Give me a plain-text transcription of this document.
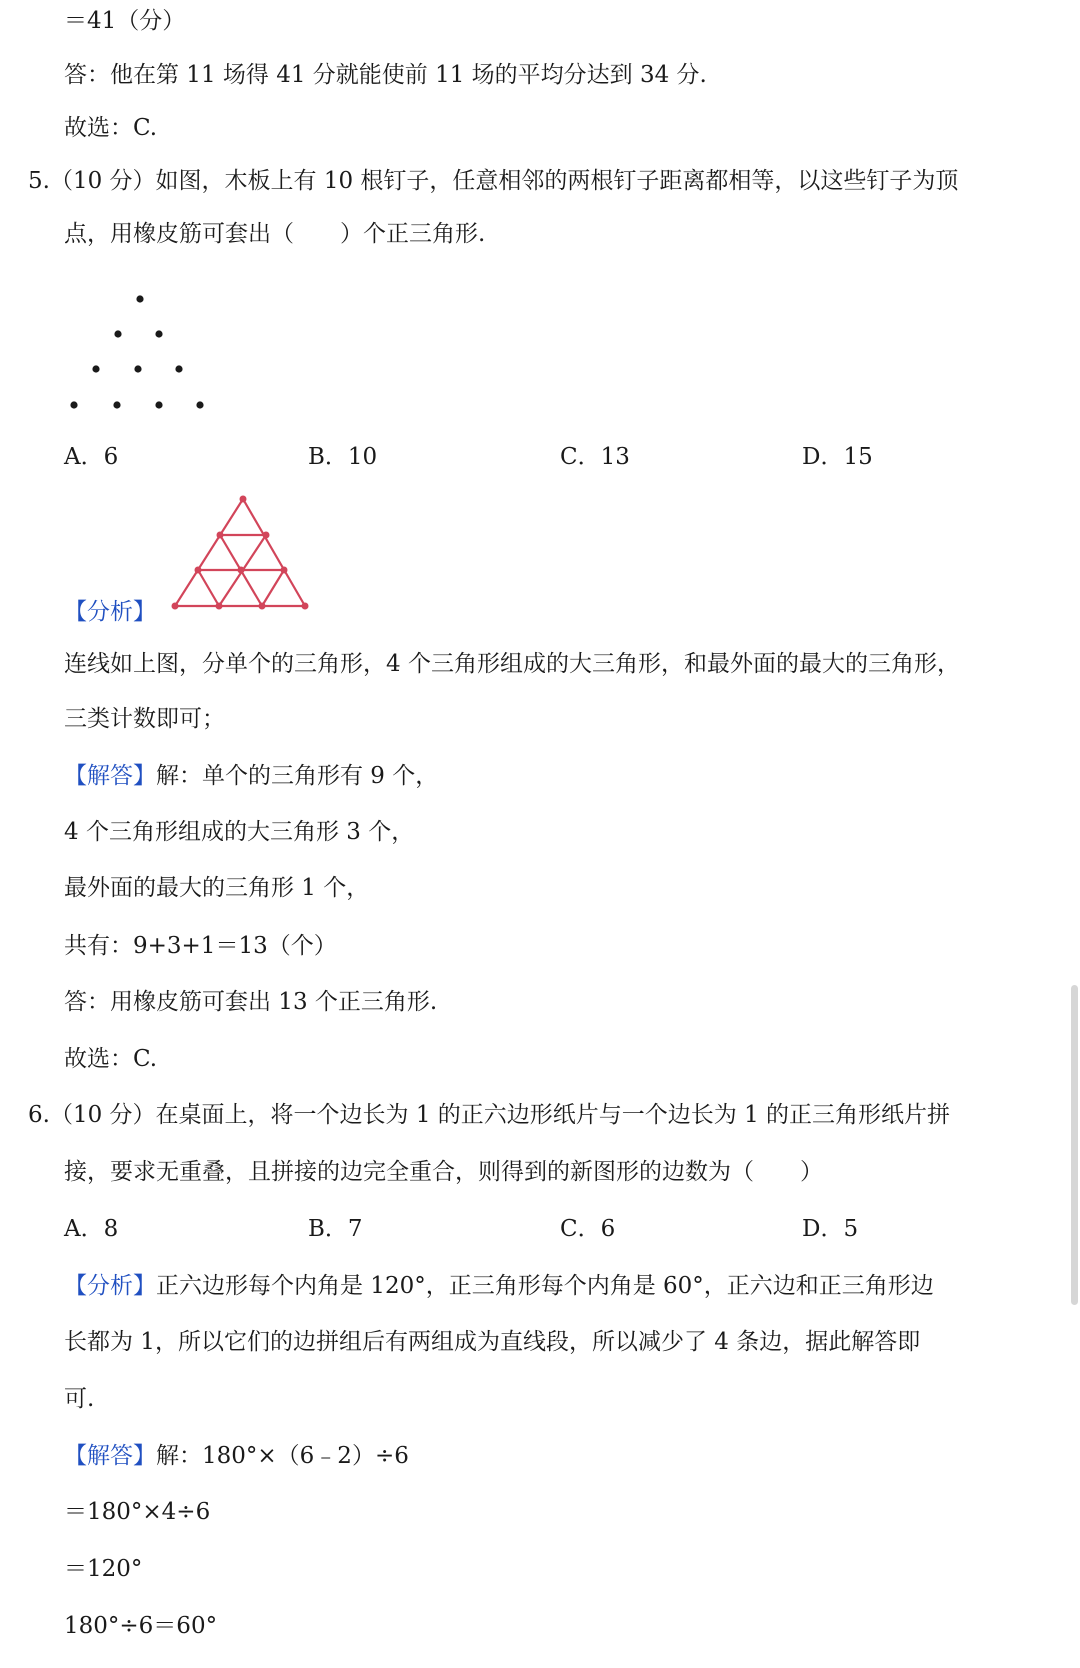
＝41（分）
答：他在第 11 场得 41 分就能使前 11 场的平均分达到 34 分.
故选：C.
5.（10 分）如图，木板上有 10 根钉子，任意相邻的两根钉子距离都相等，以这些钉子为顶
点，用橡皮筋可套出（　　）个正三角形.
A．6	B．10	C．13	D．15
【分析】
连线如上图，分单个的三角形，4 个三角形组成的大三角形，和最外面的最大的三角形，
三类计数即可；
【解答】解：单个的三角形有 9 个，
4 个三角形组成的大三角形 3 个，
最外面的最大的三角形 1 个，
共有：9+3+1＝13（个）
答：用橡皮筋可套出 13 个正三角形.
故选：C.
6.（10 分）在桌面上，将一个边长为 1 的正六边形纸片与一个边长为 1 的正三角形纸片拼
接，要求无重叠，且拼接的边完全重合，则得到的新图形的边数为（　　）
A．8	B．7	C．6	D．5
【分析】正六边形每个内角是 120°，正三角形每个内角是 60°，正六边和正三角形边
长都为 1，所以它们的边拼组后有两组成为直线段，所以减少了 4 条边，据此解答即
可.
【解答】解：180°×（6﹣2）÷6
＝180°×4÷6
＝120°
180°÷6＝60°
